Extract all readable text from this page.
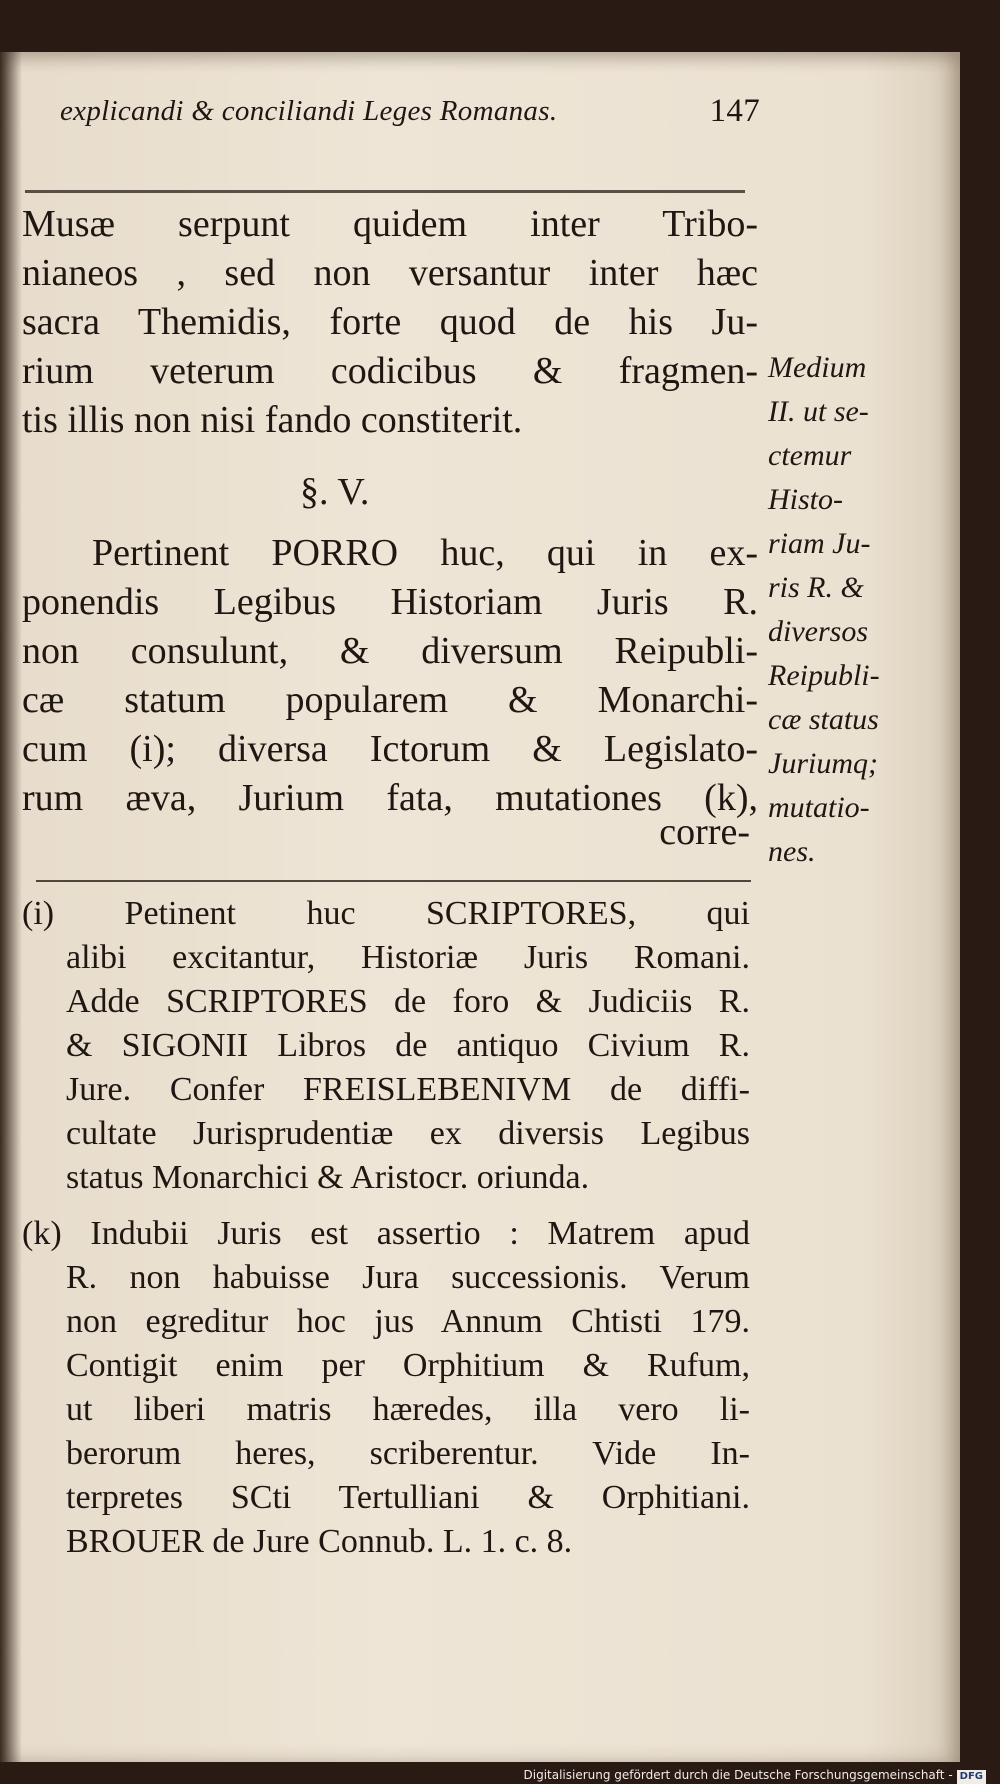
explicandi & conciliandi Leges Romanas.	147
Musæ serpunt quidem inter Tribo-
nianeos , sed non versantur inter hæc
sacra Themidis, forte quod de his Ju-
rium veterum codicibus & fragmen-
tis illis non nisi fando constiterit.
§. V.
Pertinent PORRO huc, qui in ex-
ponendis Legibus Historiam Juris R.
non consulunt, & diversum Reipubli-
cæ statum popularem & Monarchi-
cum (i); diversa Ictorum & Legislato-
rum æva, Jurium fata, mutationes (k),
corre-
Medium
II. ut se-
ctemur
Histo-
riam Ju-
ris R. &
diversos
Reipubli-
cæ status
Juriumq;
mutatio-
nes.
(i) Petinent huc SCRIPTORES, qui
alibi excitantur, Historiæ Juris Romani.
Adde SCRIPTORES de foro & Judiciis R.
& SIGONII Libros de antiquo Civium R.
Jure. Confer FREISLEBENIVM de diffi-
cultate Jurisprudentiæ ex diversis Legibus
status Monarchici & Aristocr. oriunda.
(k) Indubii Juris est assertio : Matrem apud
R. non habuisse Jura successionis. Verum
non egreditur hoc jus Annum Chtisti 179.
Contigit enim per Orphitium & Rufum,
ut liberi matris hæredes, illa vero li-
berorum heres, scriberentur. Vide In-
terpretes SCti Tertulliani & Orphitiani.
BROUER de Jure Connub. L. 1. c. 8.
Digitalisierung gefördert durch die Deutsche Forschungsgemeinschaft - DFG
